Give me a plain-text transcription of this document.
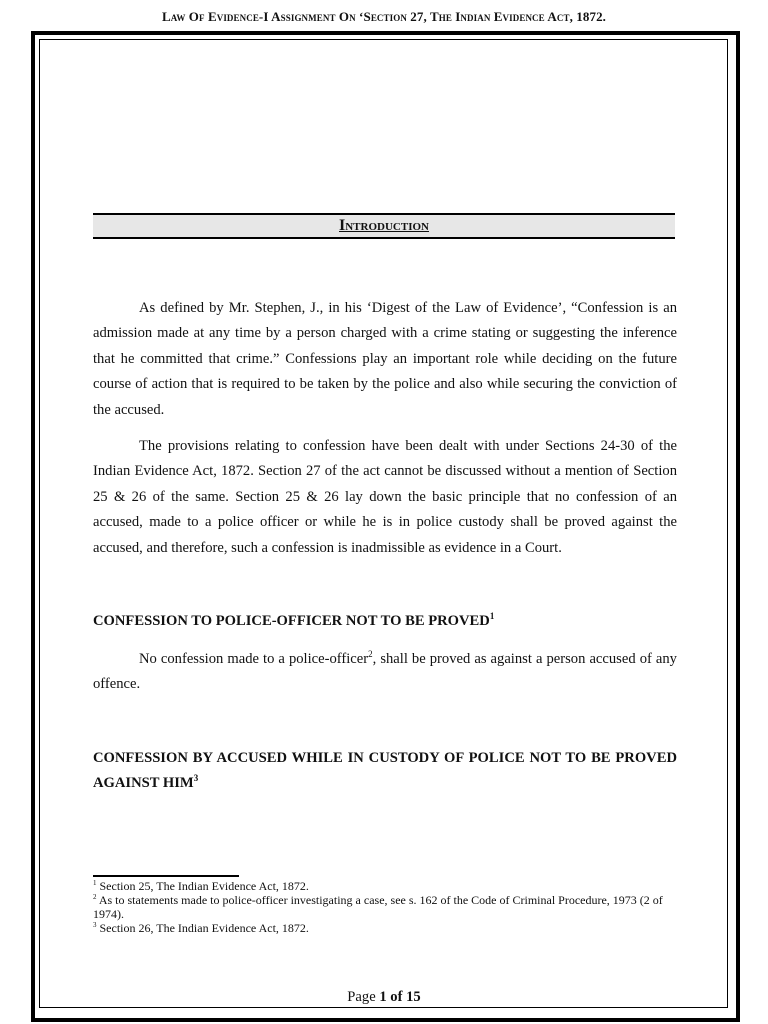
Law Of Evidence-I Assignment On ‘Section 27, The Indian Evidence Act, 1872.
Introduction

As defined by Mr. Stephen, J., in his ‘Digest of the Law of Evidence’, “Confession is an admission made at any time by a person charged with a crime stating or suggesting the inference that he committed that crime.” Confessions play an important role while deciding on the future course of action that is required to be taken by the police and also while securing the conviction of the accused.

The provisions relating to confession have been dealt with under Sections 24-30 of the Indian Evidence Act, 1872. Section 27 of the act cannot be discussed without a mention of Section 25 & 26 of the same. Section 25 & 26 lay down the basic principle that no confession of an accused, made to a police officer or while he is in police custody shall be proved against the accused, and therefore, such a confession is inadmissible as evidence in a Court.

CONFESSION TO POLICE-OFFICER NOT TO BE PROVED$^1$

No confession made to a police-officer$^2$, shall be proved as against a person accused of any offence.

CONFESSION BY ACCUSED WHILE IN CUSTODY OF POLICE NOT TO BE PROVED AGAINST HIM$^3$

$^1$ Section 25, The Indian Evidence Act, 1872.

$^2$ As to statements made to police-officer investigating a case, see s. 162 of the Code of Criminal Procedure, 1973 (2 of 1974).

$^3$ Section 26, The Indian Evidence Act, 1872.

Page 1 of 15
